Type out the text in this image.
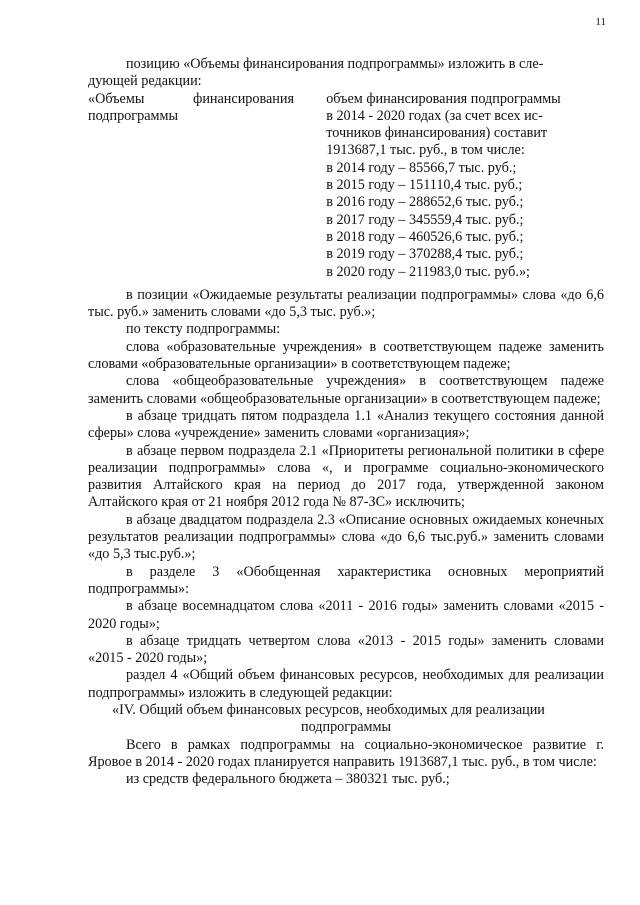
11

позицию «Объемы финансирования подпрограммы» изложить в сле-

дующей редакции:

«Объемы	финансирования
подпрограммы
объем финансирования подпрограммы
в 2014 - 2020 годах (за счет всех ис-
точников финансирования) составит
1913687,1 тыс. руб., в том числе:
в 2014 году – 85566,7 тыс. руб.;
в 2015 году – 151110,4 тыс. руб.;
в 2016 году – 288652,6 тыс. руб.;
в 2017 году – 345559,4 тыс. руб.;
в 2018 году – 460526,6 тыс. руб.;
в 2019 году – 370288,4 тыс. руб.;
в 2020 году – 211983,0 тыс. руб.»;

в позиции «Ожидаемые результаты реализации подпрограммы» слова «до 6,6 тыс. руб.» заменить словами «до 5,3 тыс. руб.»;

по тексту подпрограммы:

слова «образовательные учреждения» в соответствующем падеже заменить словами «образовательные организации» в соответствующем падеже;

слова «общеобразовательные учреждения» в соответствующем падеже заменить словами «общеобразовательные организации» в соответствующем падеже;

в абзаце тридцать пятом подраздела 1.1 «Анализ текущего состояния данной сферы» слова «учреждение» заменить словами «организация»;

в абзаце первом подраздела 2.1 «Приоритеты региональной политики в сфере реализации подпрограммы» слова «, и программе социально-экономического развития Алтайского края на период до 2017 года, утвержденной законом Алтайского края от 21 ноября 2012 года № 87-ЗС» исключить;

в абзаце двадцатом подраздела 2.3 «Описание основных ожидаемых конечных результатов реализации подпрограммы» слова «до 6,6 тыс.руб.» заменить словами «до 5,3 тыс.руб.»;

в разделе 3 «Обобщенная характеристика основных мероприятий подпрограммы»:

в абзаце восемнадцатом слова «2011 - 2016 годы» заменить словами «2015 - 2020 годы»;

в абзаце тридцать четвертом слова «2013 - 2015 годы» заменить словами «2015 - 2020 годы»;

раздел 4 «Общий объем финансовых ресурсов, необходимых для реализации подпрограммы» изложить в следующей редакции:

«IV. Общий объем финансовых ресурсов, необходимых для реализации

подпрограммы

Всего в рамках подпрограммы на социально-экономическое развитие г. Яровое в 2014 - 2020 годах планируется направить 1913687,1 тыс. руб., в том числе:

из средств федерального бюджета – 380321 тыс. руб.;
